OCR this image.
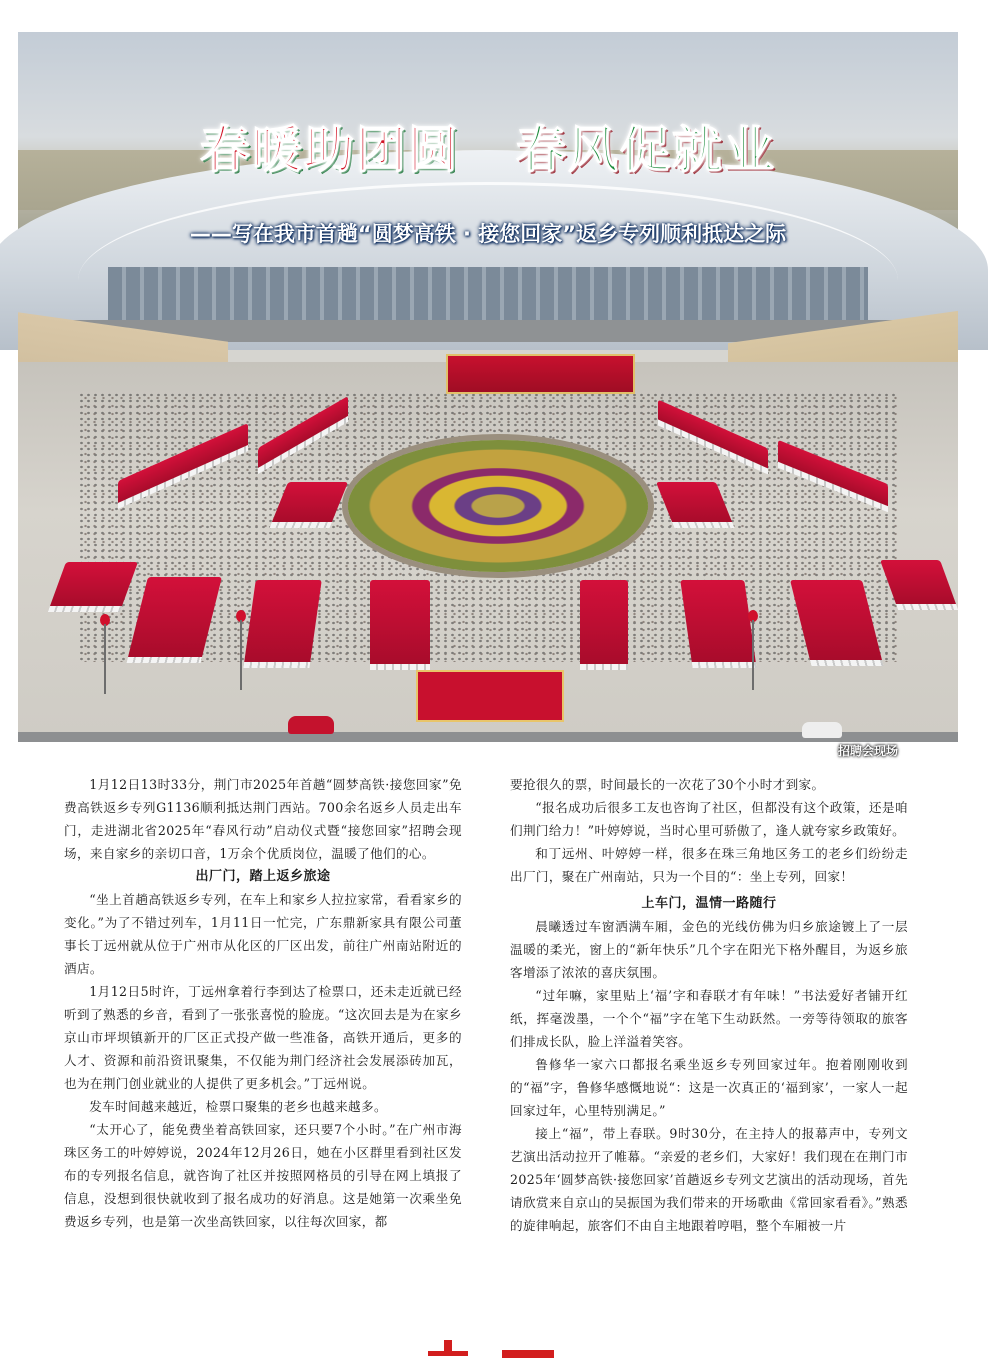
春暖助团圆 春风促就业

——写在我市首趟“圆梦高铁 · 接您回家”返乡专列顺利抵达之际

招聘会现场

1月12日13时33分，荆门市2025年首趟“圆梦高铁·接您回家”免费高铁返乡专列G1136顺利抵达荆门西站。700余名返乡人员走出车门，走进湖北省2025年“春风行动”启动仪式暨“接您回家”招聘会现场，来自家乡的亲切口音，1万余个优质岗位，温暖了他们的心。

出厂门，踏上返乡旅途

“坐上首趟高铁返乡专列，在车上和家乡人拉拉家常，看看家乡的变化。”为了不错过列车，1月11日一忙完，广东鼎新家具有限公司董事长丁远州就从位于广州市从化区的厂区出发，前往广州南站附近的酒店。

1月12日5时许，丁远州拿着行李到达了检票口，还未走近就已经听到了熟悉的乡音，看到了一张张喜悦的脸庞。“这次回去是为在家乡京山市坪坝镇新开的厂区正式投产做一些准备，高铁开通后，更多的人才、资源和前沿资讯聚集，不仅能为荆门经济社会发展添砖加瓦，也为在荆门创业就业的人提供了更多机会。”丁远州说。

发车时间越来越近，检票口聚集的老乡也越来越多。

“太开心了，能免费坐着高铁回家，还只要7个小时。”在广州市海珠区务工的叶婷婷说，2024年12月26日，她在小区群里看到社区发布的专列报名信息，就咨询了社区并按照网格员的引导在网上填报了信息，没想到很快就收到了报名成功的好消息。这是她第一次乘坐免费返乡专列，也是第一次坐高铁回家，以往每次回家，都

要抢很久的票，时间最长的一次花了30个小时才到家。

“报名成功后很多工友也咨询了社区，但都没有这个政策，还是咱们荆门给力！”叶婷婷说，当时心里可骄傲了，逢人就夸家乡政策好。

和丁远州、叶婷婷一样，很多在珠三角地区务工的老乡们纷纷走出厂门，聚在广州南站，只为一个目的“：坐上专列，回家！

上车门，温情一路随行

晨曦透过车窗洒满车厢，金色的光线仿佛为归乡旅途镀上了一层温暖的柔光，窗上的“新年快乐”几个字在阳光下格外醒目，为返乡旅客增添了浓浓的喜庆氛围。

“过年嘛，家里贴上‘福’字和春联才有年味！”书法爱好者铺开红纸，挥毫泼墨，一个个“福”字在笔下生动跃然。一旁等待领取的旅客们排成长队，脸上洋溢着笑容。

鲁修华一家六口都报名乘坐返乡专列回家过年。抱着刚刚收到的“福”字，鲁修华感慨地说“：这是一次真正的‘福到家’，一家人一起回家过年，心里特别满足。”

接上“福”，带上春联。9时30分，在主持人的报幕声中，专列文艺演出活动拉开了帷幕。“亲爱的老乡们，大家好！我们现在在荆门市2025年‘圆梦高铁·接您回家’首趟返乡专列文艺演出的活动现场，首先请欣赏来自京山的吴振国为我们带来的开场歌曲《常回家看看》。”熟悉的旋律响起，旅客们不由自主地跟着哼唱，整个车厢被一片
